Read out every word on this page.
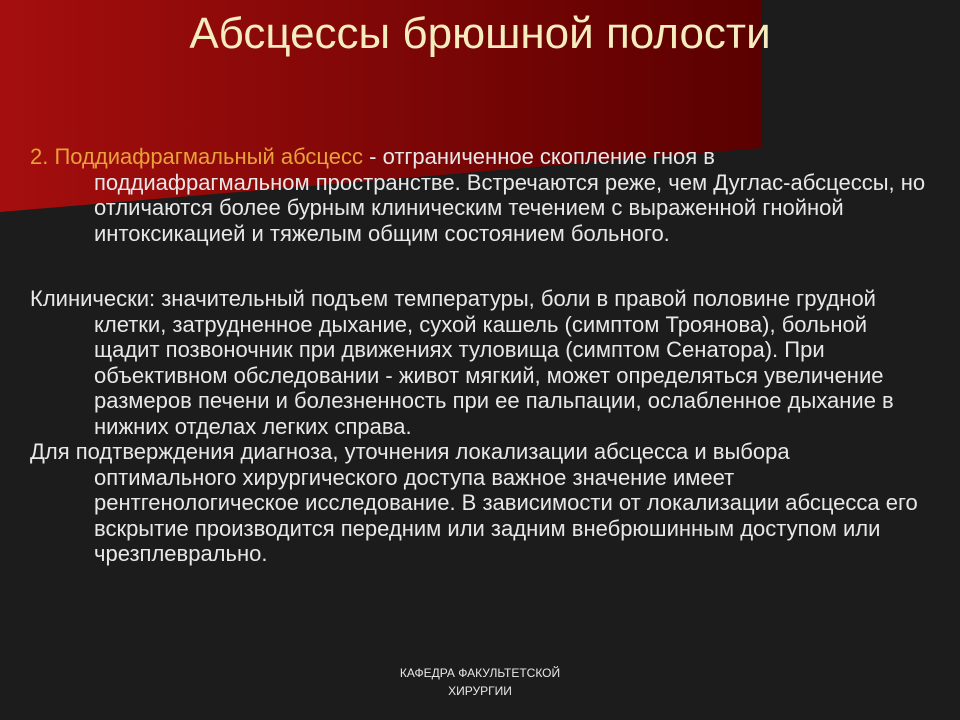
Абсцессы брюшной полости

2. Поддиафрагмальный абсцесс - отграниченное скопление гноя в поддиафрагмальном пространстве. Встречаются реже, чем Дуглас-абсцессы, но отличаются более бурным клиническим течением с выраженной гнойной интоксикацией и тяжелым общим состоянием больного.

Клинически: значительный подъем температуры, боли в правой половине грудной клетки, затрудненное дыхание, сухой кашель (симптом Троянова), больной щадит позвоночник при движениях туловища (симптом Сенатора). При объективном обследовании - живот мягкий, может определяться увеличение размеров печени и болезненность при ее пальпации, ослабленное дыхание в нижних отделах легких справа.

Для подтверждения диагноза, уточнения локализации абсцесса и выбора оптимального хирургического доступа важное значение имеет рентгенологическое исследование. В зависимости от локализации абсцесса его вскрытие производится передним или задним внебрюшинным доступом или чрезплеврально.

КАФЕДРА ФАКУЛЬТЕТСКОЙ
ХИРУРГИИ
